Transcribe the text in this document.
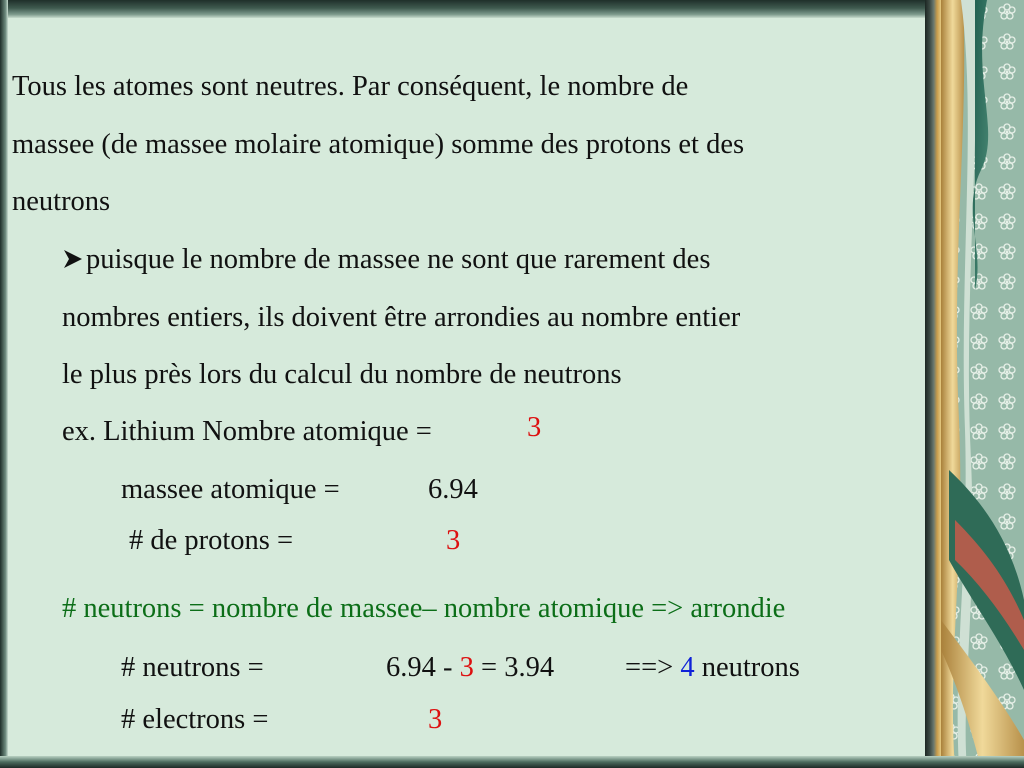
Tous les atomes sont neutres. Par conséquent, le nombre de
massee (de massee molaire atomique) somme des protons et des
neutrons
puisque le nombre de massee ne sont que rarement des
nombres entiers, ils doivent être arrondies au nombre entier
le plus près lors du calcul du nombre de neutrons
ex. Lithium Nombre atomique =	3
massee atomique =	6.94
# de protons =	3
# neutrons = nombre de massee– nombre atomique => arrondie
# neutrons =	6.94 - 3 = 3.94 ==> 4 neutrons
# electrons =	3
